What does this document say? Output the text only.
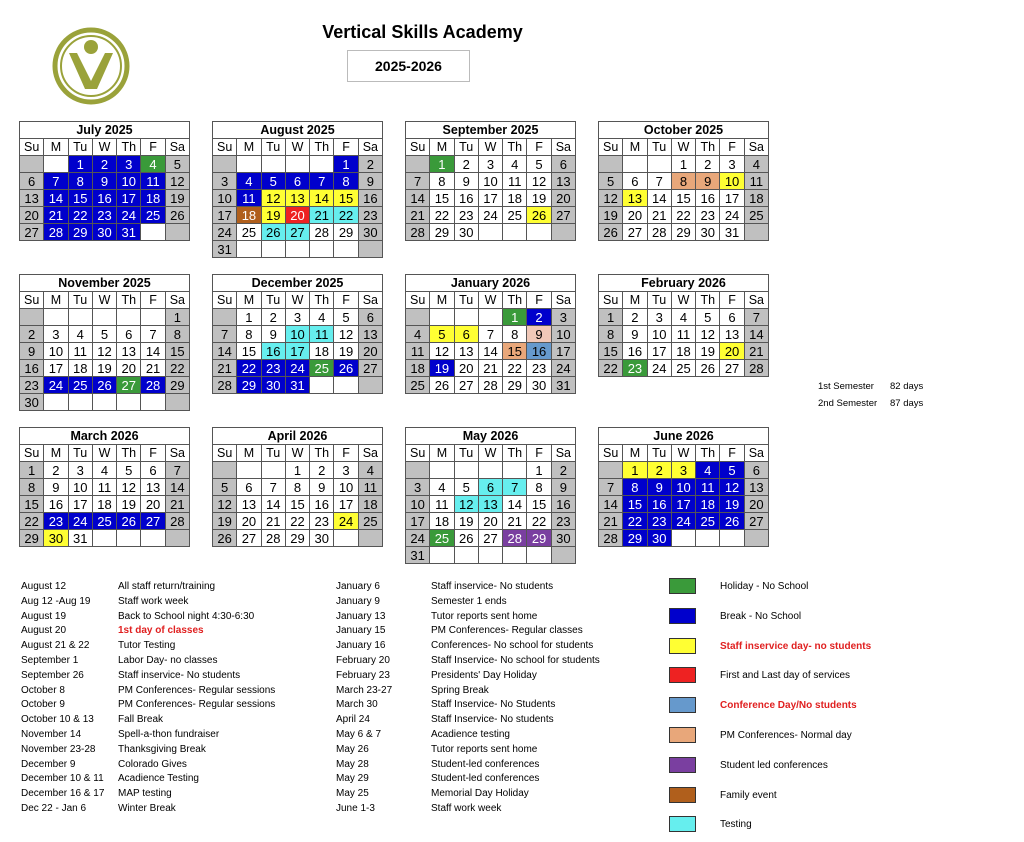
Vertical Skills Academy
2025-2026
July 2025						
Su	M	Tu	W	Th	F	Sa
		1	2	3	4	5
6	7	8	9	10	11	12
13	14	15	16	17	18	19
20	21	22	23	24	25	26
27	28	29	30	31		
August 2025						
Su	M	Tu	W	Th	F	Sa
					1	2
3	4	5	6	7	8	9
10	11	12	13	14	15	16
17	18	19	20	21	22	23
24	25	26	27	28	29	30
31						
September 2025						
Su	M	Tu	W	Th	F	Sa
	1	2	3	4	5	6
7	8	9	10	11	12	13
14	15	16	17	18	19	20
21	22	23	24	25	26	27
28	29	30				
October 2025						
Su	M	Tu	W	Th	F	Sa
			1	2	3	4
5	6	7	8	9	10	11
12	13	14	15	16	17	18
19	20	21	22	23	24	25
26	27	28	29	30	31	
November 2025						
Su	M	Tu	W	Th	F	Sa
						1
2	3	4	5	6	7	8
9	10	11	12	13	14	15
16	17	18	19	20	21	22
23	24	25	26	27	28	29
30						
December 2025						
Su	M	Tu	W	Th	F	Sa
	1	2	3	4	5	6
7	8	9	10	11	12	13
14	15	16	17	18	19	20
21	22	23	24	25	26	27
28	29	30	31			
January 2026						
Su	M	Tu	W	Th	F	Sa
				1	2	3
4	5	6	7	8	9	10
11	12	13	14	15	16	17
18	19	20	21	22	23	24
25	26	27	28	29	30	31
February 2026						
Su	M	Tu	W	Th	F	Sa
1	2	3	4	5	6	7
8	9	10	11	12	13	14
15	16	17	18	19	20	21
22	23	24	25	26	27	28
March 2026						
Su	M	Tu	W	Th	F	Sa
1	2	3	4	5	6	7
8	9	10	11	12	13	14
15	16	17	18	19	20	21
22	23	24	25	26	27	28
29	30	31				
April 2026						
Su	M	Tu	W	Th	F	Sa
			1	2	3	4
5	6	7	8	9	10	11
12	13	14	15	16	17	18
19	20	21	22	23	24	25
26	27	28	29	30		
May 2026						
Su	M	Tu	W	Th	F	Sa
					1	2
3	4	5	6	7	8	9
10	11	12	13	14	15	16
17	18	19	20	21	22	23
24	25	26	27	28	29	30
31						
June 2026						
Su	M	Tu	W	Th	F	Sa
	1	2	3	4	5	6
7	8	9	10	11	12	13
14	15	16	17	18	19	20
21	22	23	24	25	26	27
28	29	30				
1st Semester 82 days
2nd Semester 87 days
August 12	All staff return/training
Aug 12 -Aug 19	Staff work week
August 19	Back to School night 4:30-6:30
August 20	1st day of classes
August 21 & 22	Tutor Testing
September 1	Labor Day- no classes
September 26	Staff inservice- No students
October 8	PM Conferences- Regular sessions
October 9	PM Conferences- Regular sessions
October 10 & 13 Fall Break
November 14	Spell-a-thon fundraiser
November 23-28 Thanksgiving Break
December 9	Colorado Gives
December 10 & 11 Acadience Testing
December 16 & 17 MAP testing
Dec 22 - Jan 6	Winter Break
January 6	Staff inservice- No students
January 9	Semester 1 ends
January 13	Tutor reports sent home
January 15	PM Conferences- Regular classes
January 16	Conferences- No school for students
February 20	Staff Inservice- No school for students
February 23	Presidents' Day Holiday
March 23-27	Spring Break
March 30	Staff Inservice- No Students
April 24	Staff Inservice- No students
May 6 & 7	Acadience testing
May 26	Tutor reports sent home
May 28	Student-led conferences
May 29	Student-led conferences
May 25	Memorial Day Holiday
June 1-3	Staff work week
Holiday - No School
Break - No School
Staff inservice day- no students
First and Last day of services
Conference Day/No students
PM Conferences- Normal day
Student led conferences
Family event
Testing
